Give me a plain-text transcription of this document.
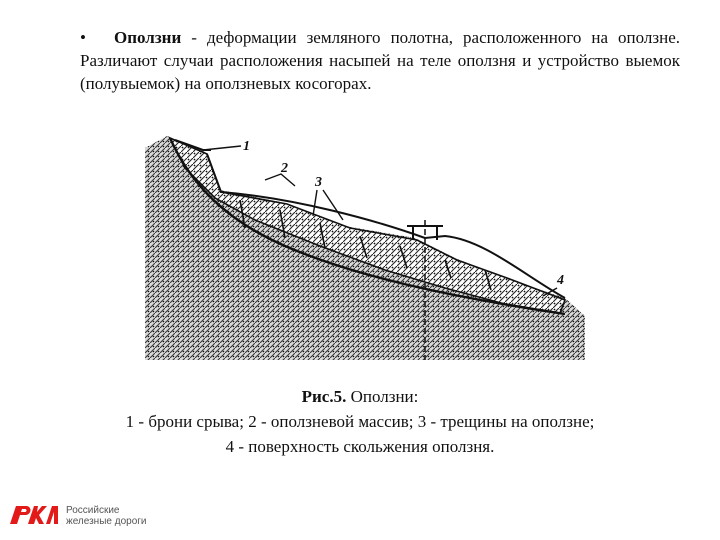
• Оползни - деформации земляного полотна, расположенного на оползне. Различают случаи расположения насыпей на теле оползня и устройство выемок (полувыемок) на оползневых косогорах.

1
2
3
4
Рис.5. Оползни:
1 - брони срыва; 2 - оползневой массив; 3 - трещины на оползне;
4 - поверхность скольжения оползня.
Российские
железные дороги
